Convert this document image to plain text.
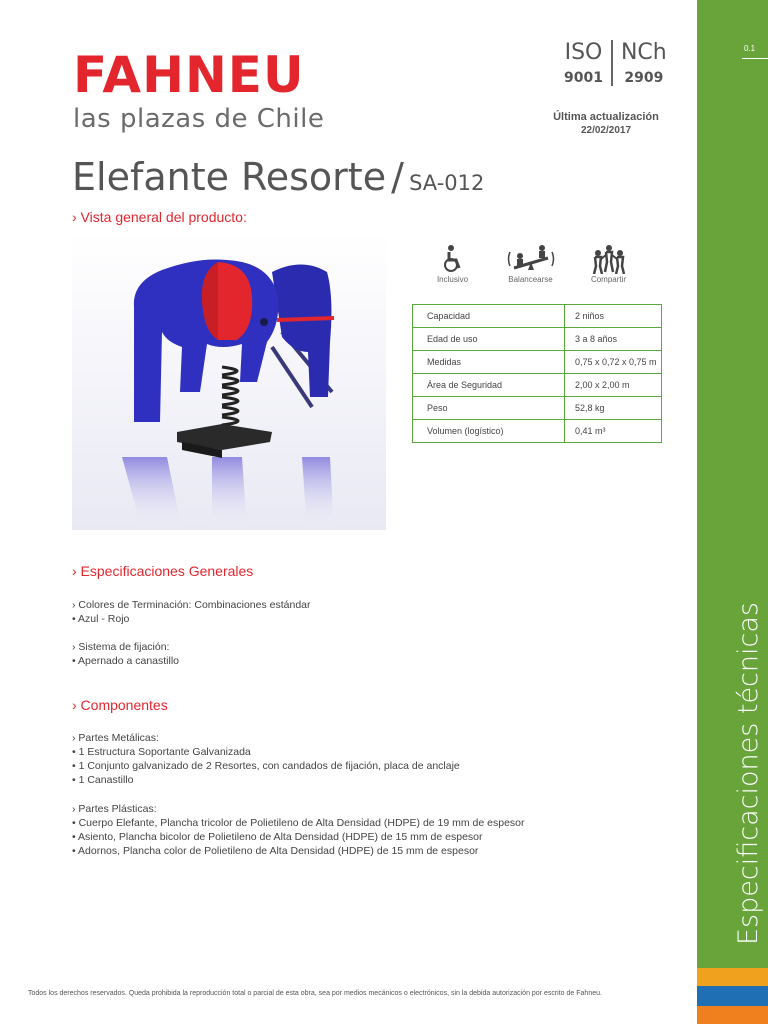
FAHNEU
las plazas de Chile
ISO
9001
NCh
2909
Última actualización
22/02/2017
Elefante Resorte / SA-012
› Vista general del producto:
Inclusivo	Balancearse	Compartir
Capacidad	2 niños
Edad de uso	3 a 8 años
Medidas	0,75 x 0,72 x 0,75 m
Área de Seguridad	2,00 x 2,00 m
Peso	52,8 kg
Volumen (logístico)	0,41 m³
› Especificaciones Generales
› Colores de Terminación: Combinaciones estándar
• Azul - Rojo
› Sistema de fijación:
• Apernado a canastillo
› Componentes
› Partes Metálicas:
• 1 Estructura Soportante Galvanizada
• 1 Conjunto galvanizado de 2 Resortes, con candados de fijación, placa de anclaje
• 1 Canastillo
› Partes Plásticas:
• Cuerpo Elefante, Plancha tricolor de Polietileno de Alta Densidad (HDPE) de 19 mm de espesor
• Asiento, Plancha bicolor de Polietileno de Alta Densidad (HDPE) de 15 mm de espesor
• Adornos, Plancha color de Polietileno de Alta Densidad (HDPE) de 15 mm de espesor
Todos los derechos reservados. Queda prohibida la reproducción total o parcial de esta obra, sea por medios mecánicos o electrónicos, sin la debida autorización por escrito de Fahneu.
0.1
Especificaciones técnicas
